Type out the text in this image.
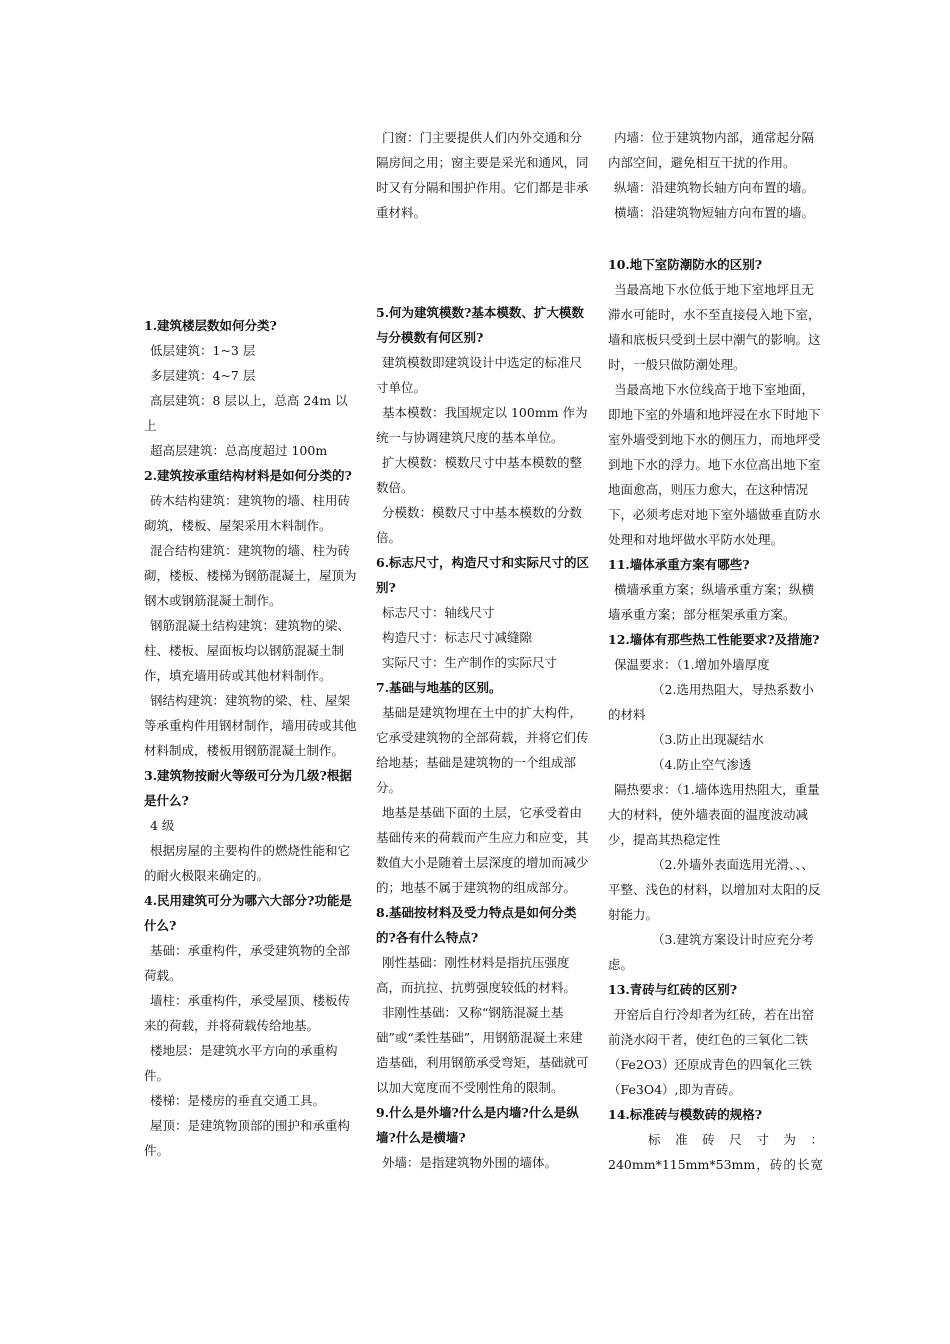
1.建筑楼层数如何分类?

低层建筑：1~3 层

多层建筑：4~7 层

高层建筑：8 层以上，总高 24m 以上

超高层建筑：总高度超过 100m

2.建筑按承重结构材料是如何分类的?

砖木结构建筑：建筑物的墙、柱用砖砌筑，楼板、屋架采用木料制作。

混合结构建筑：建筑物的墙、柱为砖砌，楼板、楼梯为钢筋混凝土，屋顶为钢木或钢筋混凝土制作。

钢筋混凝土结构建筑：建筑物的梁、柱、楼板、屋面板均以钢筋混凝土制作，填充墙用砖或其他材料制作。

钢结构建筑：建筑物的梁、柱、屋架等承重构件用钢材制作，墙用砖或其他材料制成，楼板用钢筋混凝土制作。

3.建筑物按耐火等级可分为几级?根据是什么?

4 级

根据房屋的主要构件的燃烧性能和它的耐火极限来确定的。

4.民用建筑可分为哪六大部分?功能是什么?

基础：承重构件，承受建筑物的全部荷载。

墙柱：承重构件，承受屋顶、楼板传来的荷载，并将荷载传给地基。

楼地层：是建筑水平方向的承重构件。

楼梯：是楼房的垂直交通工具。

屋顶：是建筑物顶部的围护和承重构件。

门窗：门主要提供人们内外交通和分隔房间之用；窗主要是采光和通风，同时又有分隔和围护作用。它们都是非承重材料。

5.何为建筑模数?基本模数、扩大模数与分模数有何区别?

建筑模数即建筑设计中选定的标准尺寸单位。

基本模数：我国规定以 100mm 作为统一与协调建筑尺度的基本单位。

扩大模数：模数尺寸中基本模数的整数倍。

分模数：模数尺寸中基本模数的分数倍。

6.标志尺寸，构造尺寸和实际尺寸的区别?

标志尺寸：轴线尺寸

构造尺寸：标志尺寸减缝隙

实际尺寸：生产制作的实际尺寸

7.基础与地基的区别。

基础是建筑物埋在土中的扩大构件，它承受建筑物的全部荷载，并将它们传给地基；基础是建筑物的一个组成部分。

地基是基础下面的土层，它承受着由基础传来的荷载而产生应力和应变，其数值大小是随着土层深度的增加而减少的；地基不属于建筑物的组成部分。

8.基础按材料及受力特点是如何分类的?各有什么特点?

刚性基础：刚性材料是指抗压强度高，而抗拉、抗剪强度较低的材料。

非刚性基础：又称“钢筋混凝土基础”或“柔性基础”，用钢筋混凝土来建造基础，利用钢筋承受弯矩，基础就可以加大宽度而不受刚性角的限制。

9.什么是外墙?什么是内墙?什么是纵墙?什么是横墙?

外墙：是指建筑物外围的墙体。

内墙：位于建筑物内部，通常起分隔内部空间，避免相互干扰的作用。

纵墙：沿建筑物长轴方向布置的墙。

横墙：沿建筑物短轴方向布置的墙。

10.地下室防潮防水的区别?

当最高地下水位低于地下室地坪且无滞水可能时，水不至直接侵入地下室，墙和底板只受到土层中潮气的影响。这时，一般只做防潮处理。

当最高地下水位线高于地下室地面，即地下室的外墙和地坪浸在水下时地下室外墙受到地下水的侧压力，而地坪受到地下水的浮力。地下水位高出地下室地面愈高，则压力愈大，在这种情况下，必须考虑对地下室外墙做垂直防水处理和对地坪做水平防水处理。

11.墙体承重方案有哪些?

横墙承重方案；纵墙承重方案；纵横墙承重方案；部分框架承重方案。

12.墙体有那些热工性能要求?及措施?

保温要求：（1.增加外墙厚度

（2.选用热阻大，导热系数小的材料

（3.防止出现凝结水

（4.防止空气渗透

隔热要求：（1.墙体选用热阻大，重量大的材料，使外墙表面的温度波动减少，提高其热稳定性

（2.外墙外表面选用光滑、、、平整、浅色的材料，以增加对太阳的反射能力。

（3.建筑方案设计时应充分考虑。

13.青砖与红砖的区别?

开窑后自行冷却者为红砖，若在出窑前浇水闷干者，使红色的三氧化二铁（Fe2O3）还原成青色的四氧化三铁（Fe3O4）,即为青砖。

14.标准砖与模数砖的规格?

标 准 砖 尺 寸 为 ：

240mm*115mm*53mm，砖的长宽
